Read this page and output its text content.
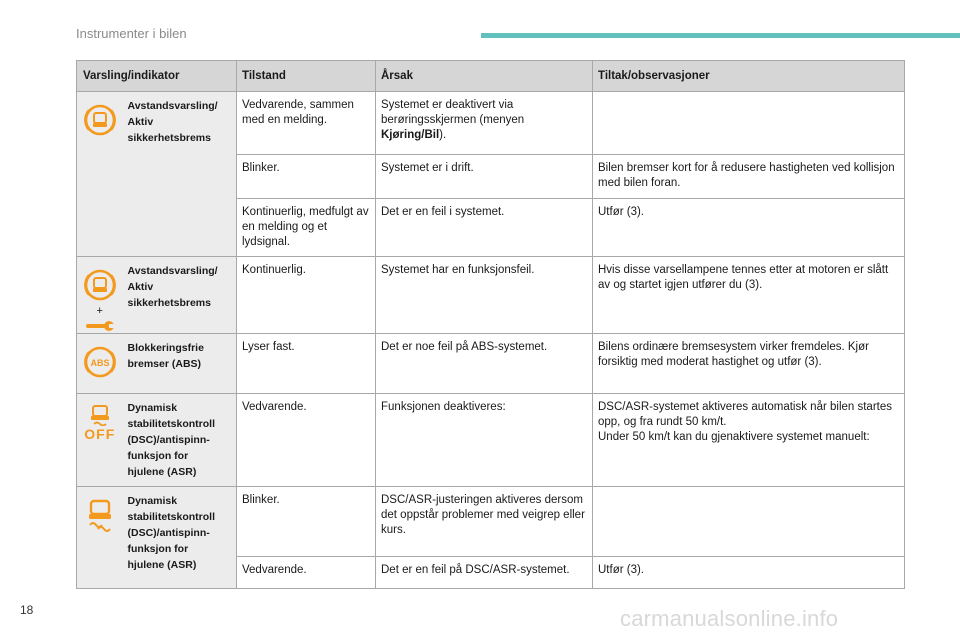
Instrumenter i bilen
Varsling/indikator		Tilstand	Årsak	Tiltak/observasjoner

Avstandsvarsling/
Aktiv
sikkerhetsbrems	Vedvarende, sammen med en melding.	Systemet er deaktivert via berøringsskjermen (menyen Kjøring/Bil).	

		Blinker.	Systemet er i drift.	Bilen bremser kort for å redusere hastigheten ved kollisjon med bilen foran.

		Kontinuerlig, medfulgt av en melding og et lydsignal.	Det er en feil i systemet.	Utfør (3).

+	Avstandsvarsling/
Aktiv
sikkerhetsbrems	Kontinuerlig.	Systemet har en funksjonsfeil.	Hvis disse varsellampene tennes etter at motoren er slått av og startet igjen utfører du (3).

ABS	Blokkeringsfrie
bremser (ABS)	Lyser fast.	Det er noe feil på ABS-systemet.	Bilens ordinære bremsesystem virker fremdeles. Kjør forsiktig med moderat hastighet og utfør (3).

OFF	Dynamisk
stabilitetskontroll
(DSC)/antispinn-
funksjon for
hjulene (ASR)	Vedvarende.	Funksjonen deaktiveres:	DSC/ASR-systemet aktiveres automatisk når bilen startes opp, og fra rundt 50 km/t.
Under 50 km/t kan du gjenaktivere systemet manuelt:

Dynamisk
stabilitetskontroll
(DSC)/antispinn-
funksjon for
hjulene (ASR)	Blinker.	DSC/ASR-justeringen aktiveres dersom det oppstår problemer med veigrep eller kurs.	

		Vedvarende.	Det er en feil på DSC/ASR-systemet.	Utfør (3).
18	carmanualsonline.info
